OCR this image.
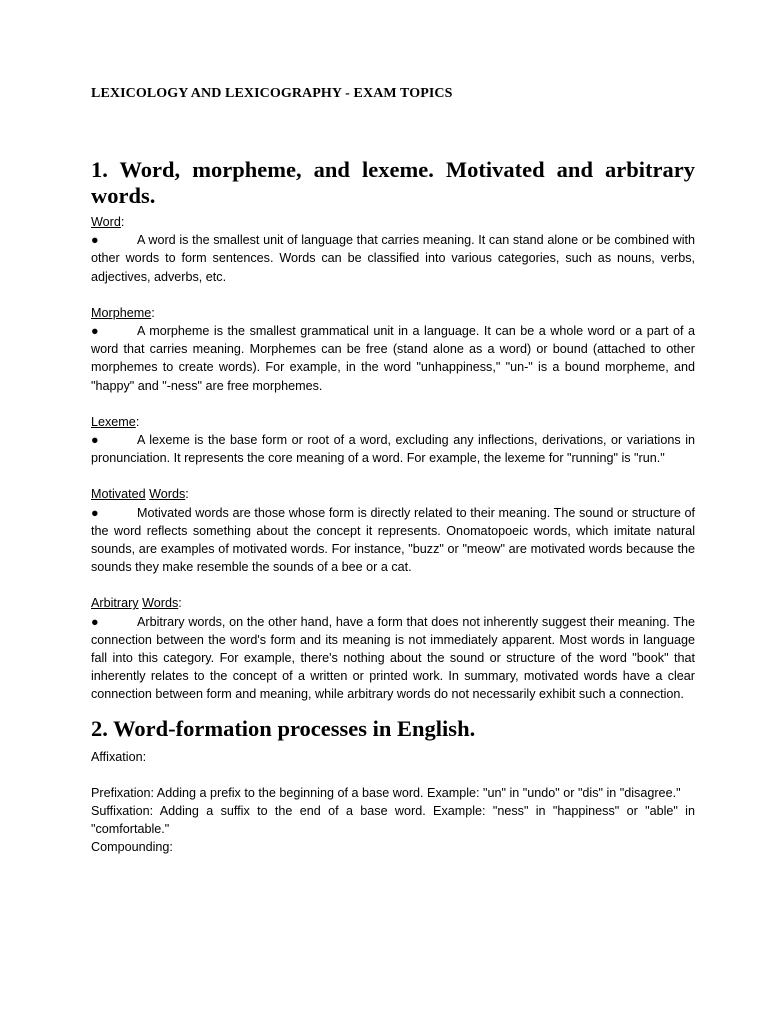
LEXICOLOGY AND LEXICOGRAPHY - EXAM TOPICS

1. Word, morpheme, and lexeme. Motivated and arbitrary words.

Word:

●	A word is the smallest unit of language that carries meaning. It can stand alone or be combined with other words to form sentences. Words can be classified into various categories, such as nouns, verbs, adjectives, adverbs, etc.

Morpheme:

●	A morpheme is the smallest grammatical unit in a language. It can be a whole word or a part of a word that carries meaning. Morphemes can be free (stand alone as a word) or bound (attached to other morphemes to create words). For example, in the word "unhappiness," "un-" is a bound morpheme, and "happy" and "-ness" are free morphemes.

Lexeme:

●	A lexeme is the base form or root of a word, excluding any inflections, derivations, or variations in pronunciation. It represents the core meaning of a word. For example, the lexeme for "running" is "run."

Motivated Words:

●	Motivated words are those whose form is directly related to their meaning. The sound or structure of the word reflects something about the concept it represents. Onomatopoeic words, which imitate natural sounds, are examples of motivated words. For instance, "buzz" or "meow" are motivated words because the sounds they make resemble the sounds of a bee or a cat.

Arbitrary Words:

●	Arbitrary words, on the other hand, have a form that does not inherently suggest their meaning. The connection between the word's form and its meaning is not immediately apparent. Most words in language fall into this category. For example, there's nothing about the sound or structure of the word "book" that inherently relates to the concept of a written or printed work. In summary, motivated words have a clear connection between form and meaning, while arbitrary words do not necessarily exhibit such a connection.

2. Word-formation processes in English.

Affixation:

Prefixation: Adding a prefix to the beginning of a base word. Example: "un" in "undo" or "dis" in "disagree."

Suffixation: Adding a suffix to the end of a base word. Example: "ness" in "happiness" or "able" in "comfortable."

Compounding:
